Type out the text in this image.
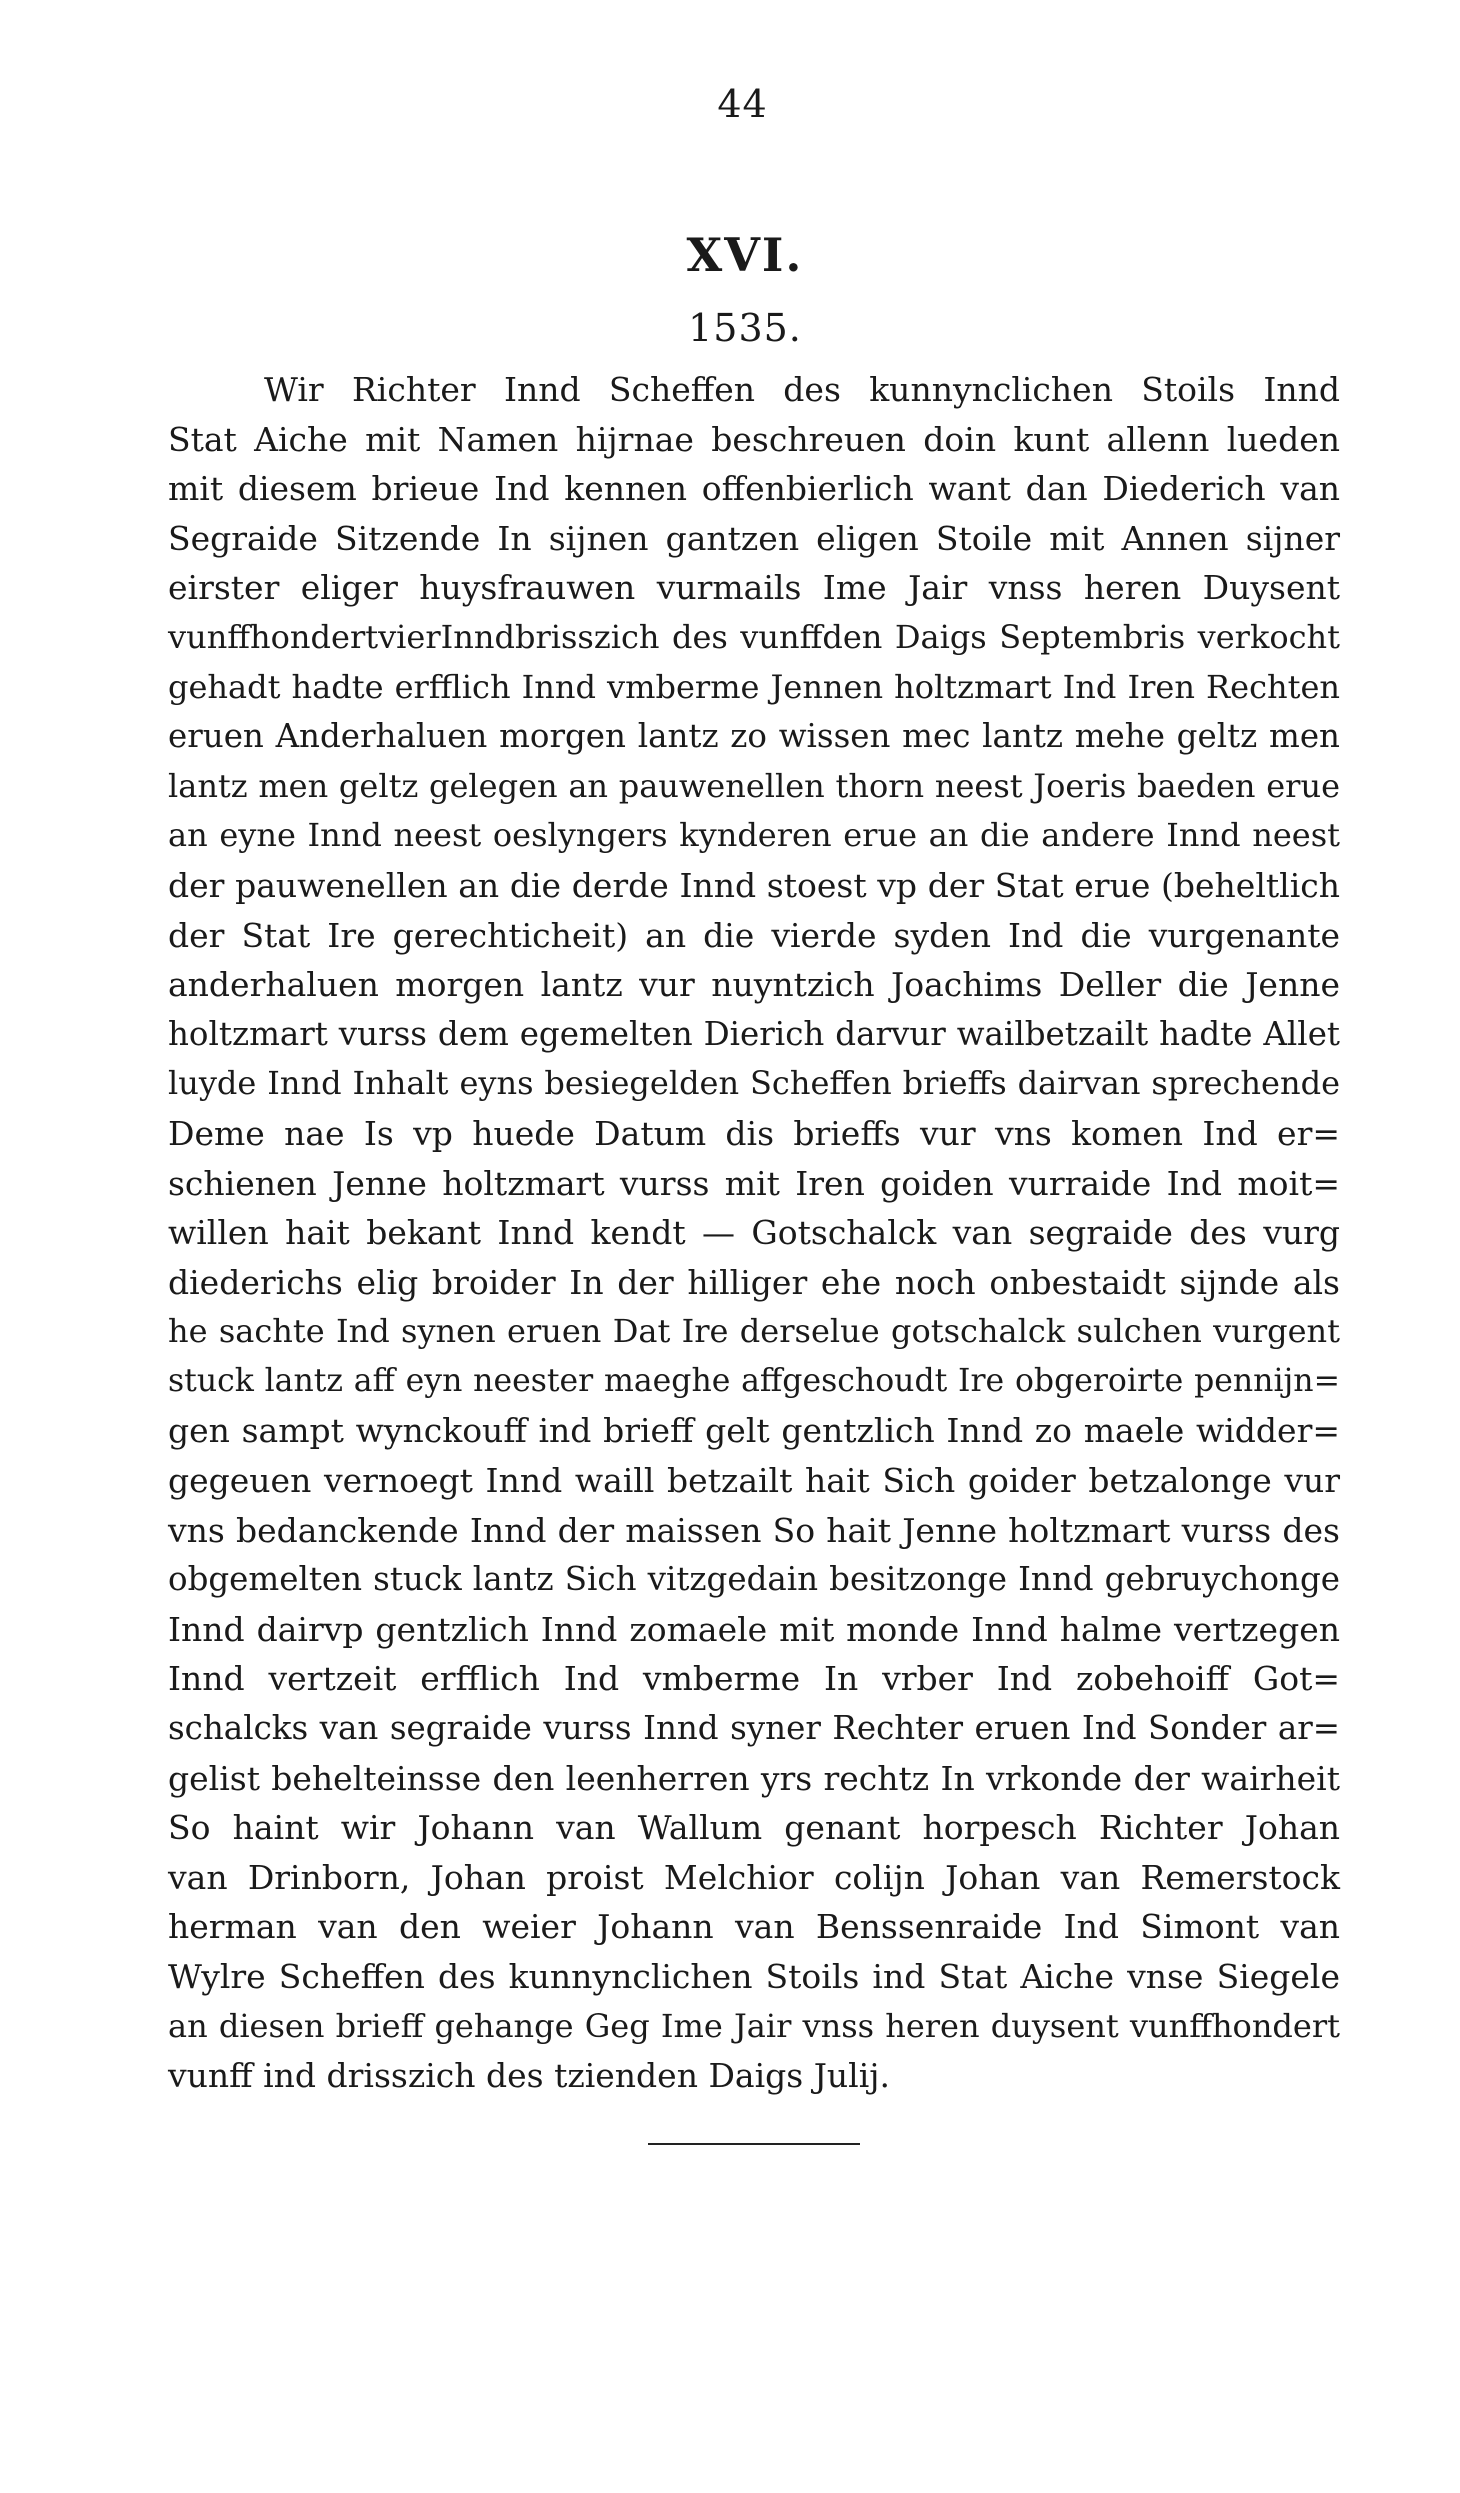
44
XVI.
1535.
Wir Richter Innd Scheffen des kunnynclichen Stoils Innd
Stat Aiche mit Namen hijrnae beschreuen doin kunt allenn lueden
mit diesem brieue Ind kennen offenbierlich want dan Diederich van
Segraide Sitzende In sijnen gantzen eligen Stoile mit Annen sijner
eirster eliger huysfrauwen vurmails Ime Jair vnss heren Duysent
vunffhondertvierInndbrisszich des vunffden Daigs Septembris verkocht
gehadt hadte erfflich Innd vmberme Jennen holtzmart Ind Iren Rechten
eruen Anderhaluen morgen lantz zo wissen mec lantz mehe geltz men
lantz men geltz gelegen an pauwenellen thorn neest Joeris baeden erue
an eyne Innd neest oeslyngers kynderen erue an die andere Innd neest
der pauwenellen an die derde Innd stoest vp der Stat erue (beheltlich
der Stat Ire gerechticheit) an die vierde syden Ind die vurgenante
anderhaluen morgen lantz vur nuyntzich Joachims Deller die Jenne
holtzmart vurss dem egemelten Dierich darvur wailbetzailt hadte Allet
luyde Innd Inhalt eyns besiegelden Scheffen brieffs dairvan sprechende
Deme nae Is vp huede Datum dis brieffs vur vns komen Ind er=
schienen Jenne holtzmart vurss mit Iren goiden vurraide Ind moit=
willen hait bekant Innd kendt — Gotschalck van segraide des vurg
diederichs elig broider In der hilliger ehe noch onbestaidt sijnde als
he sachte Ind synen eruen Dat Ire derselue gotschalck sulchen vurgent
stuck lantz aff eyn neester maeghe affgeschoudt Ire obgeroirte pennijn=
gen sampt wynckouff ind brieff gelt gentzlich Innd zo maele widder=
gegeuen vernoegt Innd waill betzailt hait Sich goider betzalonge vur
vns bedanckende Innd der maissen So hait Jenne holtzmart vurss des
obgemelten stuck lantz Sich vitzgedain besitzonge Innd gebruychonge
Innd dairvp gentzlich Innd zomaele mit monde Innd halme vertzegen
Innd vertzeit erfflich Ind vmberme In vrber Ind zobehoiff Got=
schalcks van segraide vurss Innd syner Rechter eruen Ind Sonder ar=
gelist behelteinsse den leenherren yrs rechtz In vrkonde der wairheit
So haint wir Johann van Wallum genant horpesch Richter Johan
van Drinborn, Johan proist Melchior colijn Johan van Remerstock
herman van den weier Johann van Benssenraide Ind Simont van
Wylre Scheffen des kunnynclichen Stoils ind Stat Aiche vnse Siegele
an diesen brieff gehange Geg Ime Jair vnss heren duysent vunffhondert
vunff ind drisszich des tzienden Daigs Julij.
